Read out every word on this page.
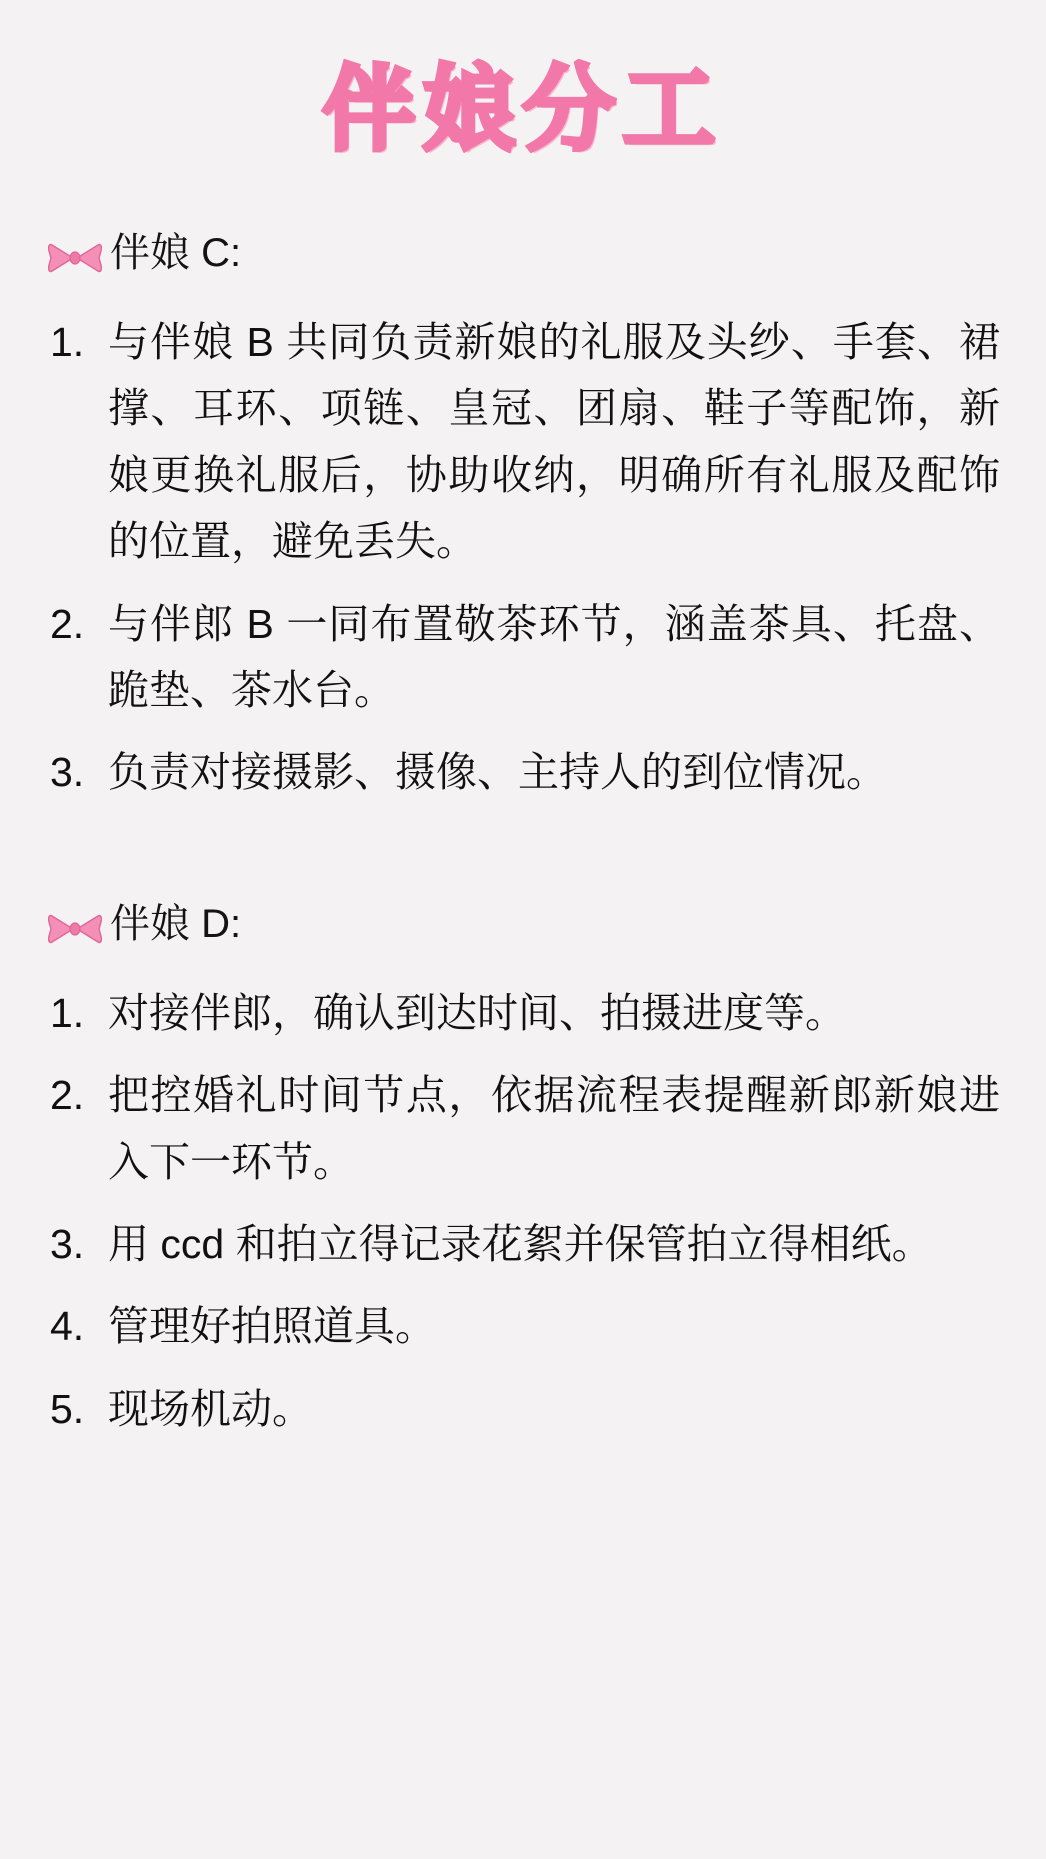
伴娘分工
伴娘 C:
1. 与伴娘 B 共同负责新娘的礼服及头纱、手套、裙撑、耳环、项链、皇冠、团扇、鞋子等配饰，新娘更换礼服后，协助收纳，明确所有礼服及配饰的位置，避免丢失。
2. 与伴郎 B 一同布置敬茶环节，涵盖茶具、托盘、跪垫、茶水台。
3. 负责对接摄影、摄像、主持人的到位情况。
伴娘 D:
1. 对接伴郎，确认到达时间、拍摄进度等。
2. 把控婚礼时间节点，依据流程表提醒新郎新娘进入下一环节。
3. 用 ccd 和拍立得记录花絮并保管拍立得相纸。
4. 管理好拍照道具。
5. 现场机动。
